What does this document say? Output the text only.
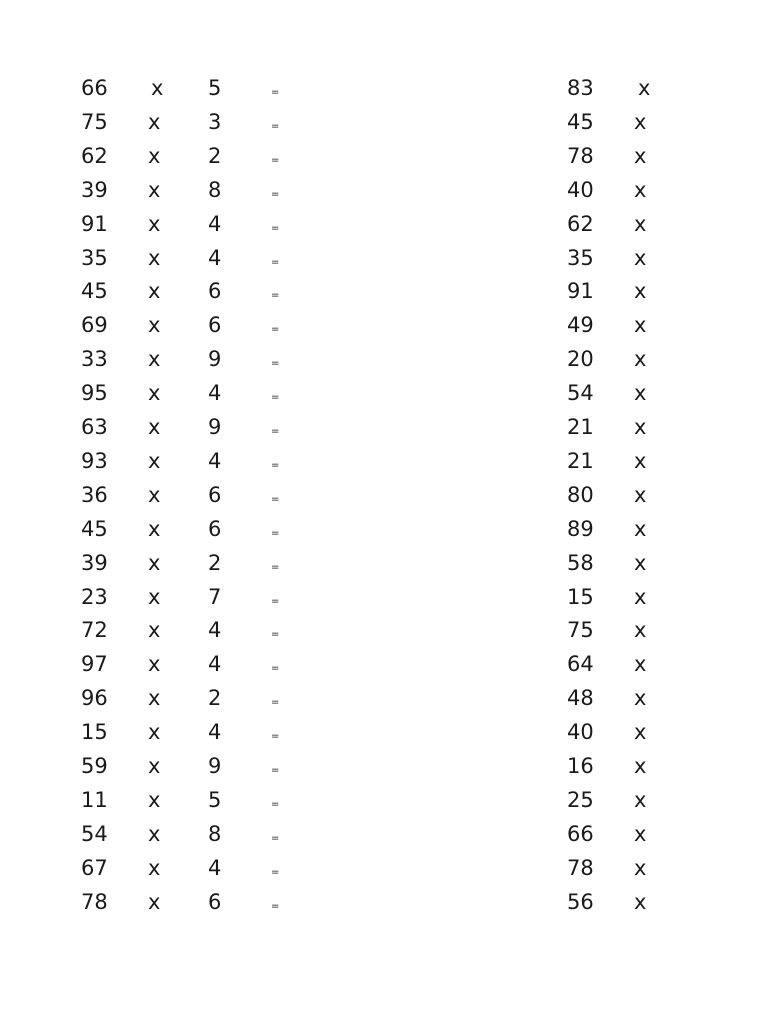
66 x 5	=	83 x
75 x 3	=	45 x
62 x 2	=	78 x
39 x 8	=	40 x
91 x 4	=	62 x
35 x 4	=	35 x
45 x 6	=	91 x
69 x 6	=	49 x
33 x 9	=	20 x
95 x 4	=	54 x
63 x 9	=	21 x
93 x 4	=	21 x
36 x 6	=	80 x
45 x 6	=	89 x
39 x 2	=	58 x
23 x 7	=	15 x
72 x 4	=	75 x
97 x 4	=	64 x
96 x 2	=	48 x
15 x 4	=	40 x
59 x 9	=	16 x
11 x 5	=	25 x
54 x 8	=	66 x
67 x 4	=	78 x
78 x 6	=	56 x
